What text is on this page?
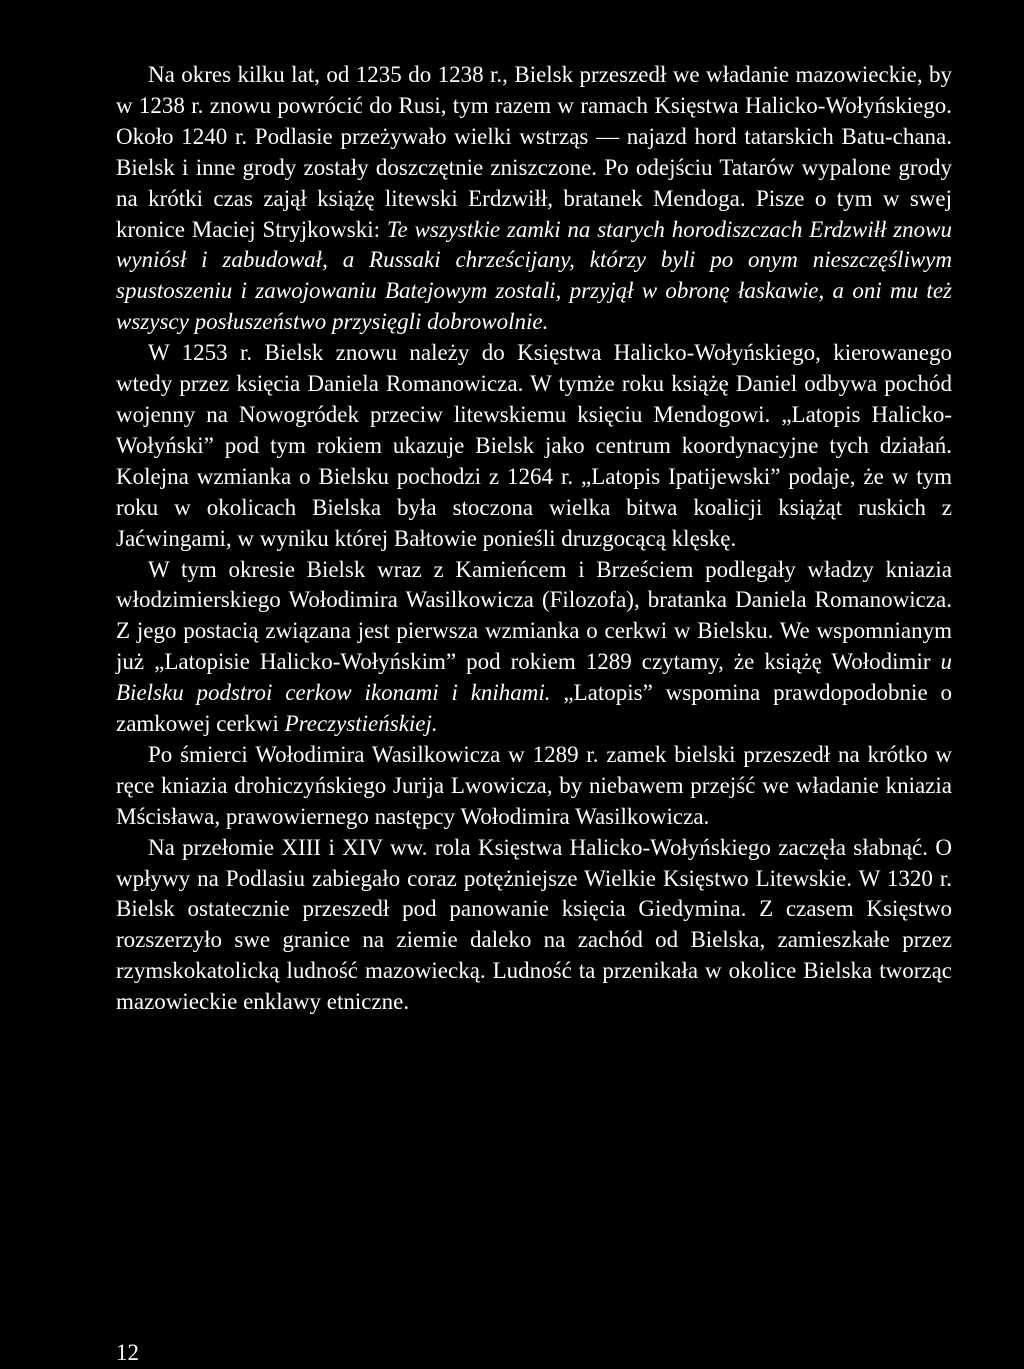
Na okres kilku lat, od 1235 do 1238 r., Bielsk przeszedł we władanie mazowieckie, by w 1238 r. znowu powrócić do Rusi, tym razem w ramach Księstwa Halicko-Wołyńskiego. Około 1240 r. Podlasie przeżywało wielki wstrząs — najazd hord tatarskich Batu-chana. Bielsk i inne grody zostały doszczętnie zniszczone. Po odejściu Tatarów wypalone grody na krótki czas zajął książę litewski Erdzwiłł, bratanek Mendoga. Pisze o tym w swej kronice Maciej Stryjkowski: Te wszystkie zamki na starych horodiszczach Erdzwiłł znowu wyniósł i zabudował, a Russaki chrześcijany, którzy byli po onym nieszczęśliwym spustoszeniu i zawojowaniu Batejowym zostali, przyjął w obronę łaskawie, a oni mu też wszyscy posłuszeństwo przysięgli dobrowolnie.

W 1253 r. Bielsk znowu należy do Księstwa Halicko-Wołyńskiego, kierowanego wtedy przez księcia Daniela Romanowicza. W tymże roku książę Daniel odbywa pochód wojenny na Nowogródek przeciw litewskiemu księciu Mendogowi. „Latopis Halicko-Wołyński” pod tym rokiem ukazuje Bielsk jako centrum koordynacyjne tych działań. Kolejna wzmianka o Bielsku pochodzi z 1264 r. „Latopis Ipatijewski” podaje, że w tym roku w okolicach Bielska była stoczona wielka bitwa koalicji książąt ruskich z Jaćwingami, w wyniku której Bałtowie ponieśli druzgocącą klęskę.

W tym okresie Bielsk wraz z Kamieńcem i Brześciem podlegały władzy kniazia włodzimierskiego Wołodimira Wasilkowicza (Filozofa), bratanka Daniela Romanowicza. Z jego postacią związana jest pierwsza wzmianka o cerkwi w Bielsku. We wspomnianym już „Latopisie Halicko-Wołyńskim” pod rokiem 1289 czytamy, że książę Wołodimir u Bielsku podstroi cerkow ikonami i knihami. „Latopis” wspomina prawdopodobnie o zamkowej cerkwi Preczystieńskiej.

Po śmierci Wołodimira Wasilkowicza w 1289 r. zamek bielski przeszedł na krótko w ręce kniazia drohiczyńskiego Jurija Lwowicza, by niebawem przejść we władanie kniazia Mścisława, prawowiernego następcy Wołodimira Wasilkowicza.

Na przełomie XIII i XIV ww. rola Księstwa Halicko-Wołyńskiego zaczęła słabnąć. O wpływy na Podlasiu zabiegało coraz potężniejsze Wielkie Księstwo Litewskie. W 1320 r. Bielsk ostatecznie przeszedł pod panowanie księcia Giedymina. Z czasem Księstwo rozszerzyło swe granice na ziemie daleko na zachód od Bielska, zamieszkałe przez rzymskokatolicką ludność mazowiecką. Ludność ta przenikała w okolice Bielska tworząc mazowieckie enklawy etniczne.

12
